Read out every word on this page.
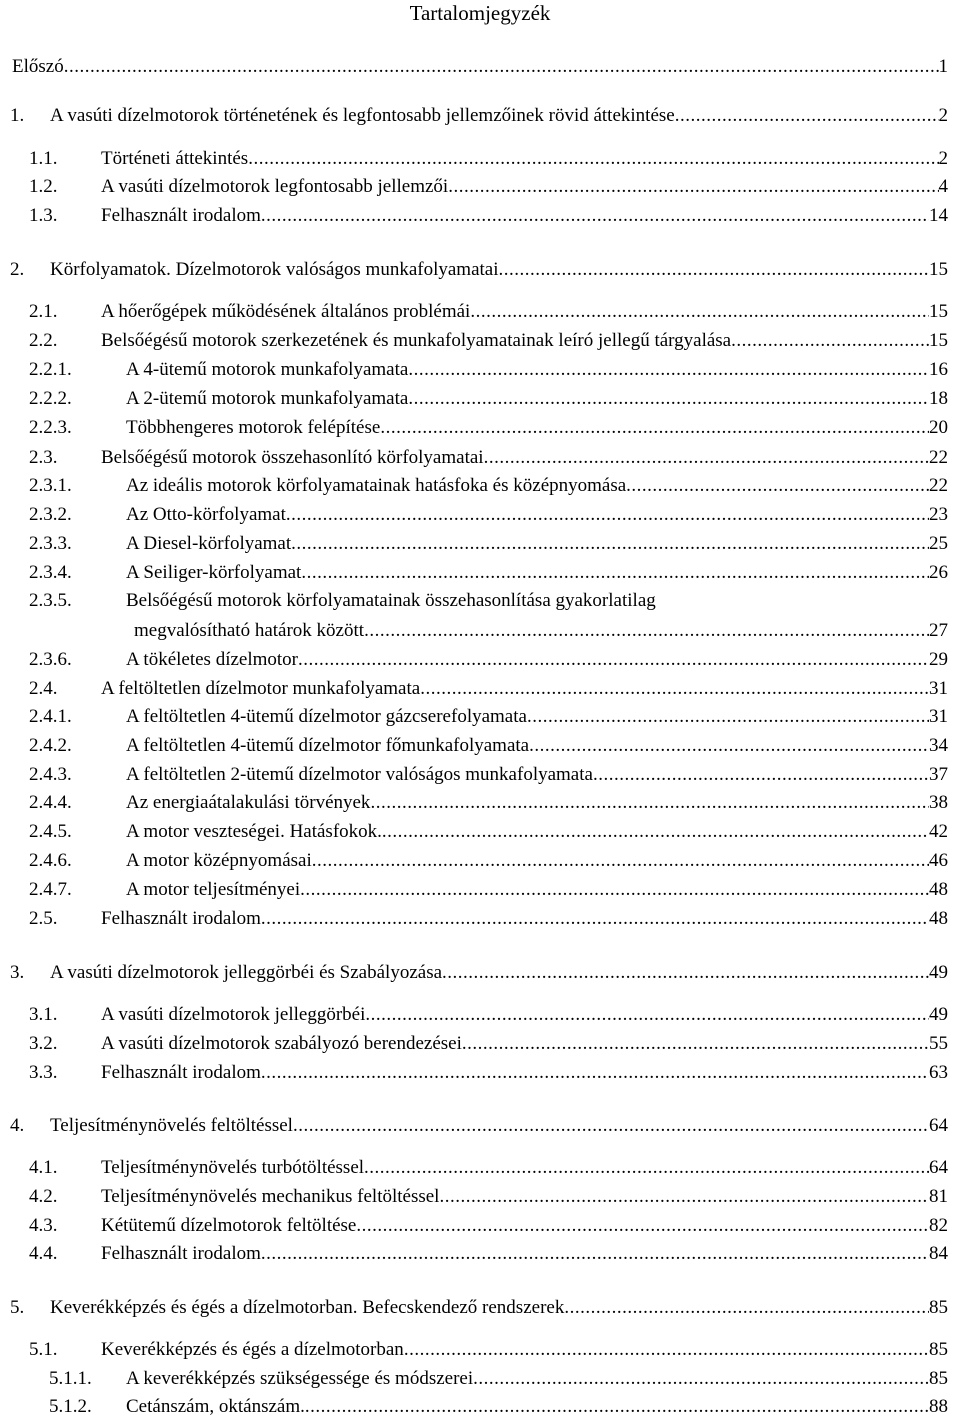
Tartalomjegyzék
Előszó .....	1
1. A vasúti dízelmotorok történetének és legfontosabb jellemzőinek rövid áttekintése .....	2
1.1. Történeti áttekintés .....	2
1.2. A vasúti dízelmotorok legfontosabb jellemzői .....	4
1.3. Felhasznált irodalom .....	14
2. Körfolyamatok. Dízelmotorok valóságos munkafolyamatai .....	15
2.1. A hőerőgépek működésének általános problémái .....	15
2.2. Belsőégésű motorok szerkezetének és munkafolyamatainak leíró jellegű tárgyalása .....	15
2.2.1.	A 4-ütemű motorok munkafolyamata .....	16
2.2.2.	A 2-ütemű motorok munkafolyamata .....	18
2.2.3.	Többhengeres motorok felépítése .....	20
2.3. Belsőégésű motorok összehasonlító körfolyamatai .....	22
2.3.1.	Az ideális motorok körfolyamatainak hatásfoka és középnyomása .....	22
2.3.2.	Az Otto-körfolyamat .....	23
2.3.3.	A Diesel-körfolyamat .....	25
2.3.4.	A Seiliger-körfolyamat .....	26
2.3.5.	Belsőégésű motorok körfolyamatainak összehasonlítása gyakorlatilag
megvalósítható határok között .....	27
2.3.6.	A tökéletes dízelmotor .....	29
2.4. A feltöltetlen dízelmotor munkafolyamata .....	31
2.4.1.	A feltöltetlen 4-ütemű dízelmotor gázcserefolyamata .....	31
2.4.2.	A feltöltetlen 4-ütemű dízelmotor főmunkafolyamata .....	34
2.4.3.	A feltöltetlen 2-ütemű dízelmotor valóságos munkafolyamata .....	37
2.4.4.	Az energiaátalakulási törvények .....	38
2.4.5.	A motor veszteségei. Hatásfokok. .....	42
2.4.6.	A motor középnyomásai .....	46
2.4.7.	A motor teljesítményei .....	48
2.5. Felhasznált irodalom .....	48
3. A vasúti dízelmotorok jelleggörbéi és Szabályozása .....	49
3.1. A vasúti dízelmotorok jelleggörbéi .....	49
3.2. A vasúti dízelmotorok szabályozó berendezései .....	55
3.3. Felhasznált irodalom .....	63
4. Teljesítménynövelés feltöltéssel .....	64
4.1. Teljesítménynövelés turbótöltéssel .....	64
4.2. Teljesítménynövelés mechanikus feltöltéssel .....	81
4.3. Kétütemű dízelmotorok feltöltése .....	82
4.4. Felhasznált irodalom .....	84
5. Keverékképzés és égés a dízelmotorban. Befecskendező rendszerek .....	85
5.1. Keverékképzés és égés a dízelmotorban .....	85
5.1.1. A keverékképzés szükségessége és módszerei .....	85
5.1.2. Cetánszám, oktánszám. .....	88
